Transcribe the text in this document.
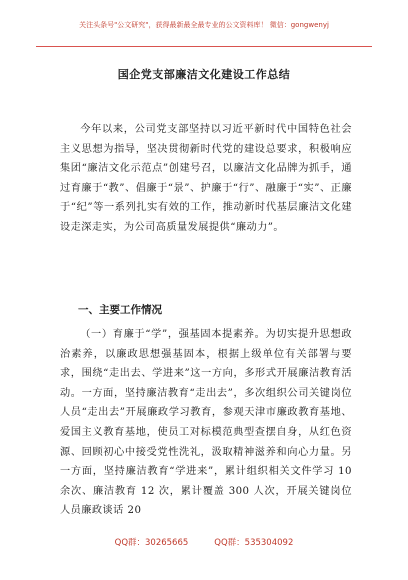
关注头条号"公文研究"，获得最新最全最专业的公文资料库！ 微信：gongwenyj
国企党支部廉洁文化建设工作总结

今年以来，公司党支部坚持以习近平新时代中国特色社会主义思想为指导，坚决贯彻新时代党的建设总要求，积极响应集团“廉洁文化示范点”创建号召，以廉洁文化品牌为抓手，通过育廉于“教”、倡廉于“景”、护廉于“行”、融廉于“实”、正廉于“纪”等一系列扎实有效的工作，推动新时代基层廉洁文化建设走深走实，为公司高质量发展提供“廉动力”。

一、主要工作情况

（一）育廉于“学”，强基固本提素养。为切实提升思想政治素养，以廉政思想强基固本，根据上级单位有关部署与要求，围绕“走出去、学进来”这一方向，多形式开展廉洁教育活动。一方面，坚持廉洁教育“走出去”，多次组织公司关键岗位人员“走出去”开展廉政学习教育，参观天津市廉政教育基地、爱国主义教育基地，使员工对标模范典型查摆自身，从红色资源、回顾初心中接受党性洗礼，汲取精神滋养和向心力量。另一方面，坚持廉洁教育“学进来”，累计组织相关文件学习 10 余次、廉洁教育 12 次，累计覆盖 300 人次，开展关键岗位人员廉政谈话 20

QQ群：30265665	QQ群：535304092
